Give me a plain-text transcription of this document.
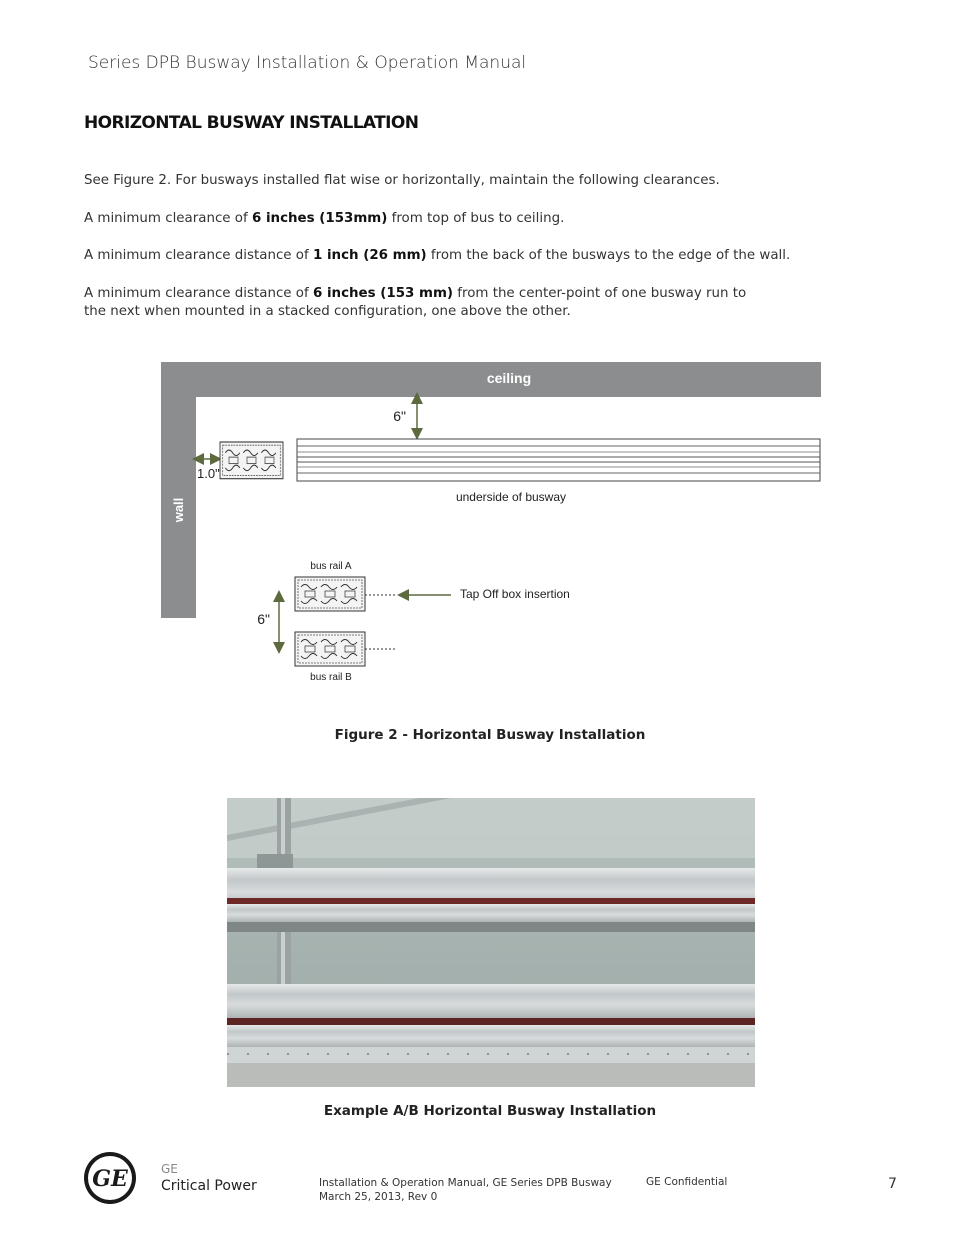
Series DPB Busway Installation & Operation Manual
HORIZONTAL BUSWAY INSTALLATION
See Figure 2. For busways installed flat wise or horizontally, maintain the following clearances.
A minimum clearance of 6 inches (153mm) from top of bus to ceiling.
A minimum clearance distance of 1 inch (26 mm) from the back of the busways to the edge of the wall.
A minimum clearance distance of 6 inches (153 mm) from the center-point of one busway run to
the next when mounted in a stacked configuration, one above the other.
ceiling
wall
6"
1.0"
underside of busway
bus rail A
Tap Off box insertion
bus rail B
6"
Figure 2 - Horizontal Busway Installation
Example A/B Horizontal Busway Installation
GE	GE
Critical Power	Installation & Operation Manual, GE Series DPB Busway
March 25, 2013, Rev 0
GE Confidential	7
